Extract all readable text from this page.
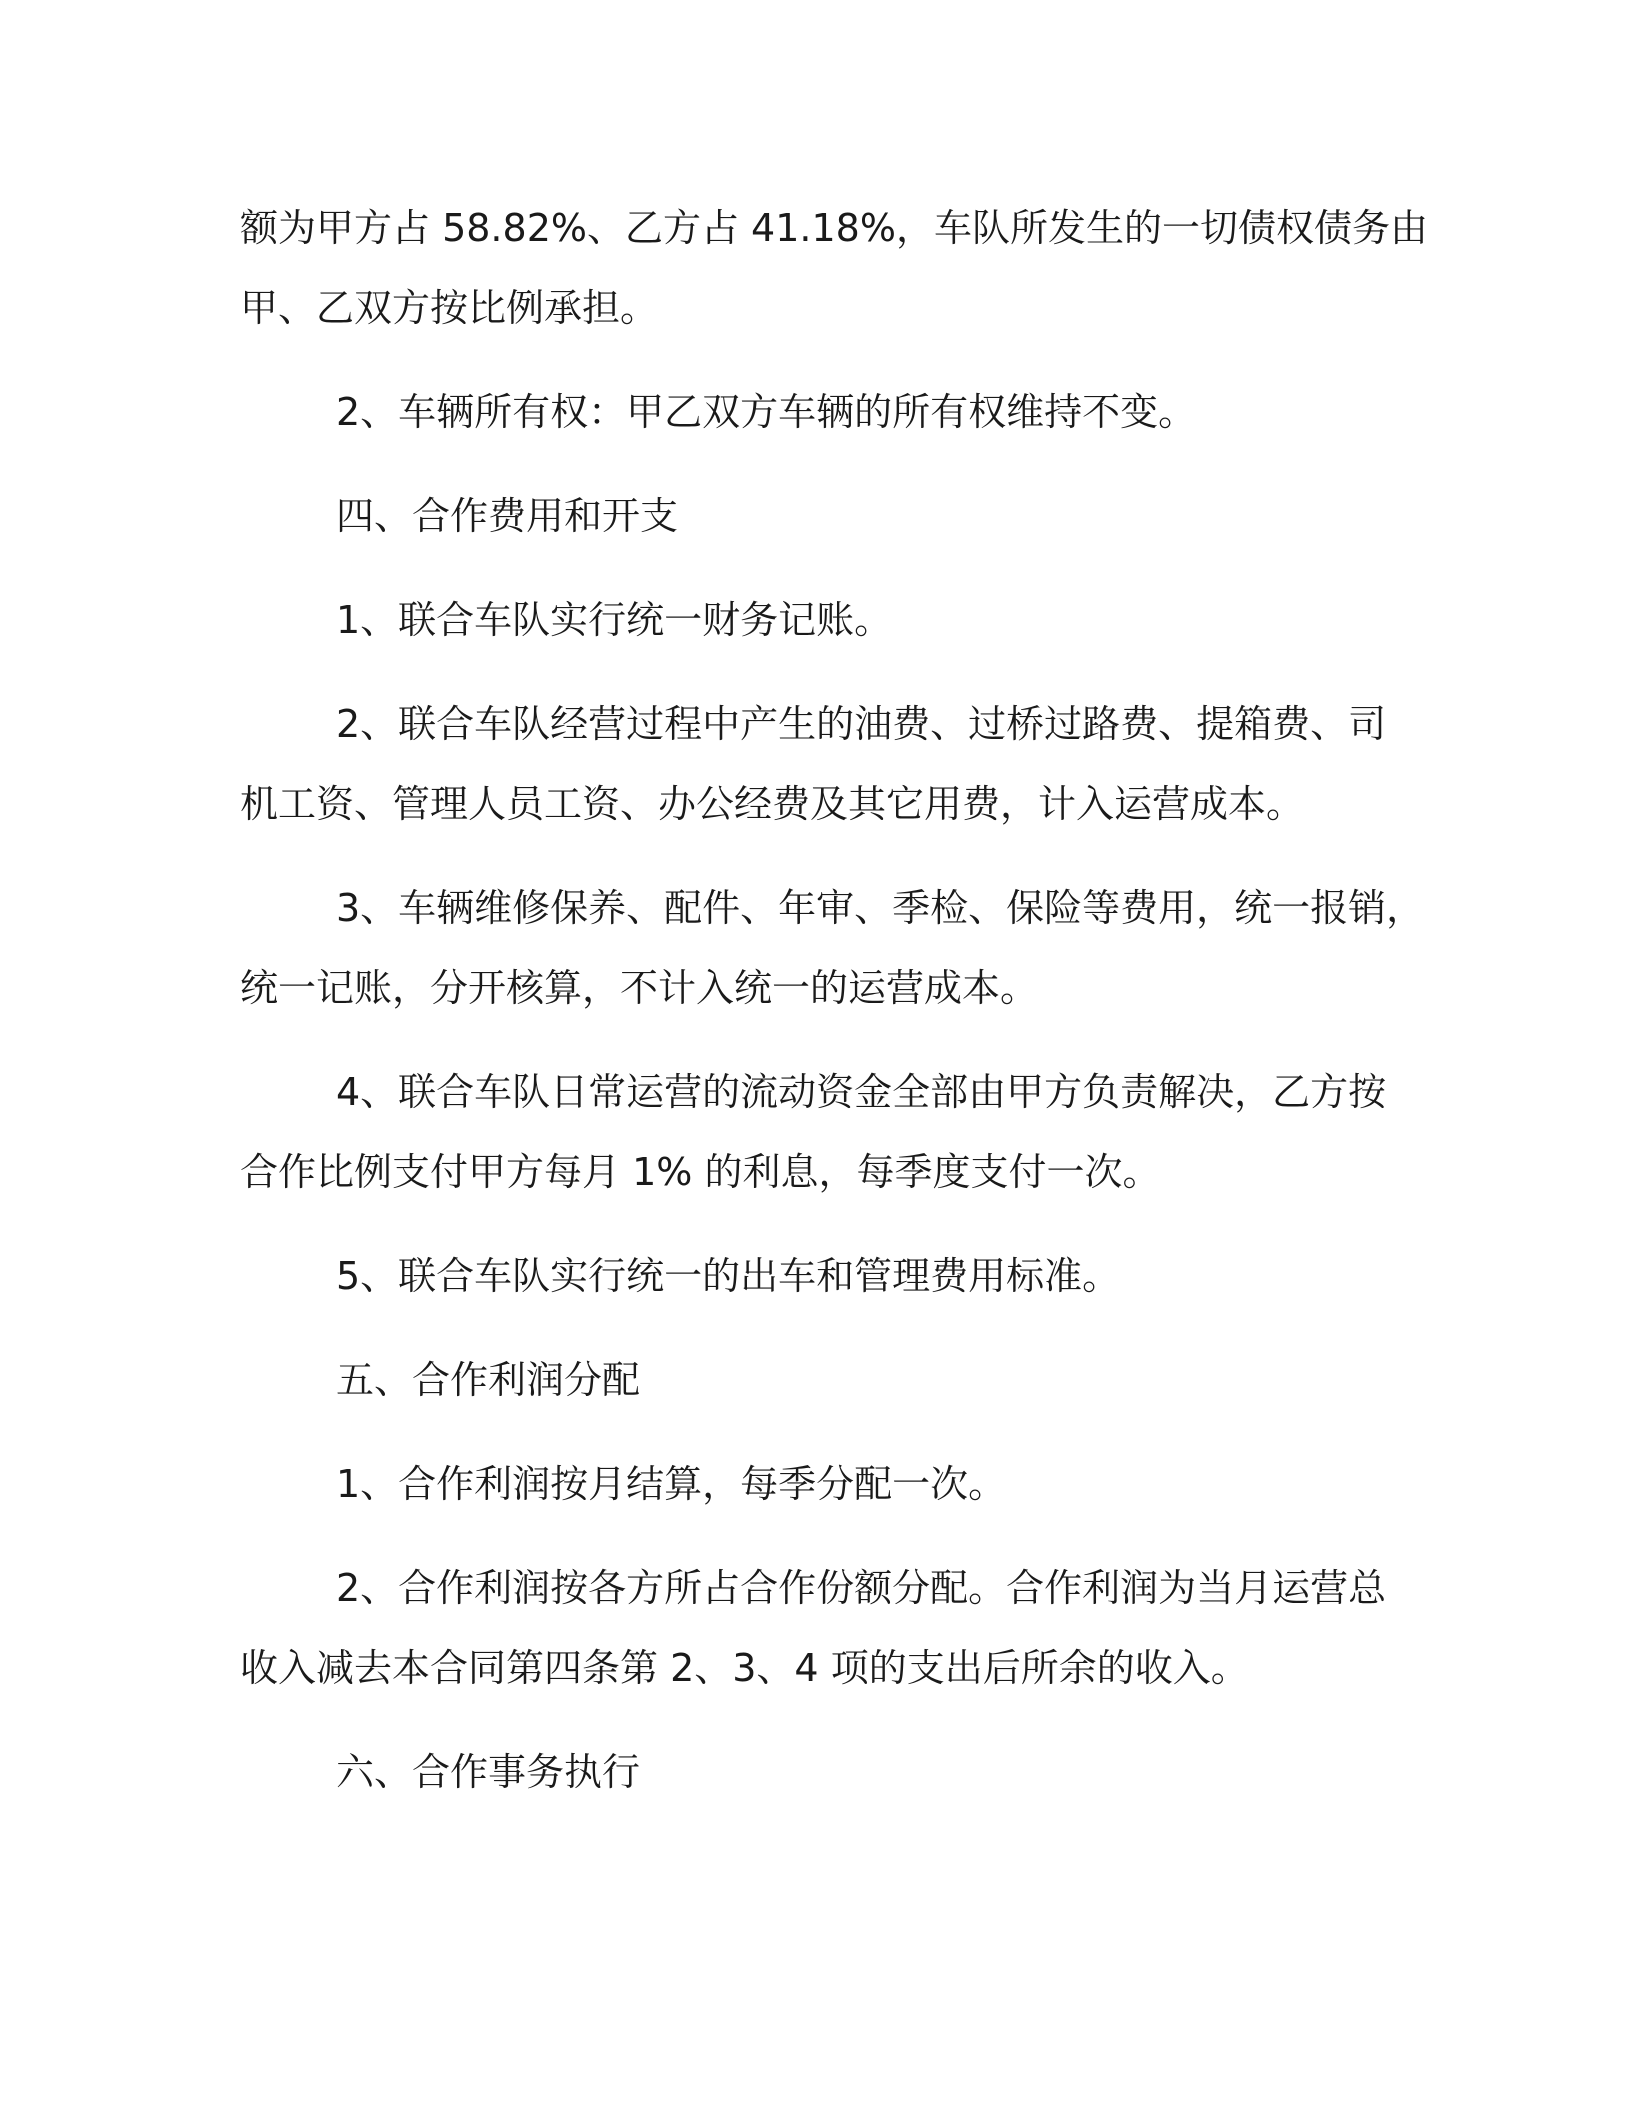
额为甲方占 58.82%、乙方占 41.18%，车队所发生的一切债权债务由
甲、乙双方按比例承担。

2、车辆所有权：甲乙双方车辆的所有权维持不变。

四、合作费用和开支

1、联合车队实行统一财务记账。

2、联合车队经营过程中产生的油费、过桥过路费、提箱费、司
机工资、管理人员工资、办公经费及其它用费，计入运营成本。

3、车辆维修保养、配件、年审、季检、保险等费用，统一报销，
统一记账，分开核算，不计入统一的运营成本。

4、联合车队日常运营的流动资金全部由甲方负责解决，乙方按
合作比例支付甲方每月 1% 的利息，每季度支付一次。

5、联合车队实行统一的出车和管理费用标准。

五、合作利润分配

1、合作利润按月结算，每季分配一次。

2、合作利润按各方所占合作份额分配。合作利润为当月运营总
收入减去本合同第四条第 2、3、4 项的支出后所余的收入。

六、合作事务执行
